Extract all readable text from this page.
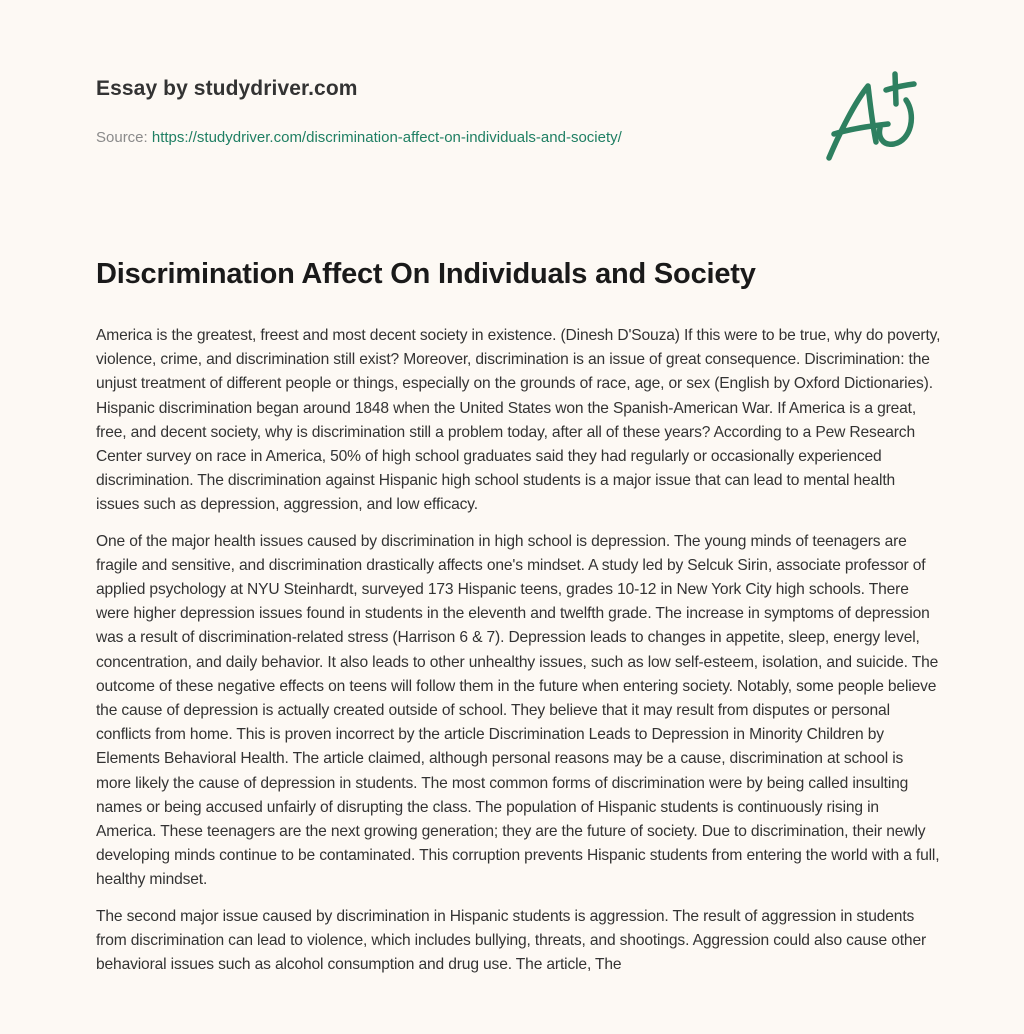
Essay by studydriver.com
Source: https://studydriver.com/discrimination-affect-on-individuals-and-society/
Discrimination Affect On Individuals and Society

America is the greatest, freest and most decent society in existence. (Dinesh D'Souza) If this were to be true, why do poverty, violence, crime, and discrimination still exist? Moreover, discrimination is an issue of great consequence. Discrimination: the unjust treatment of different people or things, especially on the grounds of race, age, or sex (English by Oxford Dictionaries). Hispanic discrimination began around 1848 when the United States won the Spanish-American War. If America is a great, free, and decent society, why is discrimination still a problem today, after all of these years? According to a Pew Research Center survey on race in America, 50% of high school graduates said they had regularly or occasionally experienced discrimination. The discrimination against Hispanic high school students is a major issue that can lead to mental health issues such as depression, aggression, and low efficacy.

One of the major health issues caused by discrimination in high school is depression. The young minds of teenagers are fragile and sensitive, and discrimination drastically affects one's mindset. A study led by Selcuk Sirin, associate professor of applied psychology at NYU Steinhardt, surveyed 173 Hispanic teens, grades 10-12 in New York City high schools. There were higher depression issues found in students in the eleventh and twelfth grade. The increase in symptoms of depression was a result of discrimination-related stress (Harrison 6 & 7). Depression leads to changes in appetite, sleep, energy level, concentration, and daily behavior. It also leads to other unhealthy issues, such as low self-esteem, isolation, and suicide. The outcome of these negative effects on teens will follow them in the future when entering society. Notably, some people believe the cause of depression is actually created outside of school. They believe that it may result from disputes or personal conflicts from home. This is proven incorrect by the article Discrimination Leads to Depression in Minority Children by Elements Behavioral Health. The article claimed, although personal reasons may be a cause, discrimination at school is more likely the cause of depression in students. The most common forms of discrimination were by being called insulting names or being accused unfairly of disrupting the class. The population of Hispanic students is continuously rising in America. These teenagers are the next growing generation; they are the future of society. Due to discrimination, their newly developing minds continue to be contaminated. This corruption prevents Hispanic students from entering the world with a full, healthy mindset.

The second major issue caused by discrimination in Hispanic students is aggression. The result of aggression in students from discrimination can lead to violence, which includes bullying, threats, and shootings. Aggression could also cause other behavioral issues such as alcohol consumption and drug use. The article, The
